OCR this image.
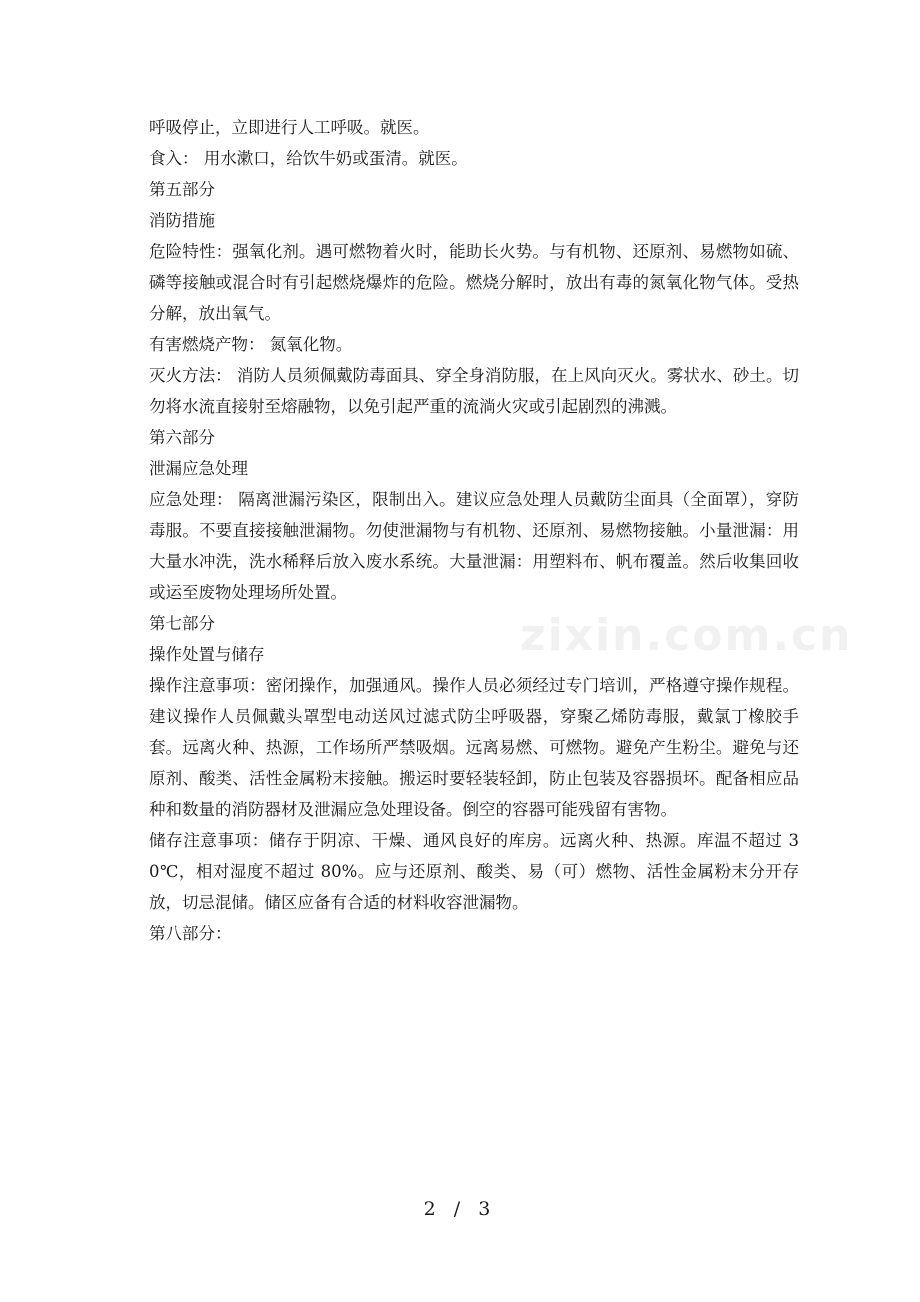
zixin.com.cn

呼吸停止，立即进行人工呼吸。就医。

食入： 用水漱口，给饮牛奶或蛋清。就医。

第五部分

消防措施

危险特性：强氧化剂。遇可燃物着火时，能助长火势。与有机物、还原剂、易燃物如硫、磷等接触或混合时有引起燃烧爆炸的危险。燃烧分解时，放出有毒的氮氧化物气体。受热分解，放出氧气。

有害燃烧产物： 氮氧化物。

灭火方法： 消防人员须佩戴防毒面具、穿全身消防服，在上风向灭火。雾状水、砂土。切勿将水流直接射至熔融物，以免引起严重的流淌火灾或引起剧烈的沸溅。

第六部分

泄漏应急处理

应急处理： 隔离泄漏污染区，限制出入。建议应急处理人员戴防尘面具（全面罩），穿防毒服。不要直接接触泄漏物。勿使泄漏物与有机物、还原剂、易燃物接触。小量泄漏：用大量水冲洗，洗水稀释后放入废水系统。大量泄漏：用塑料布、帆布覆盖。然后收集回收或运至废物处理场所处置。

第七部分

操作处置与储存

操作注意事项：密闭操作，加强通风。操作人员必须经过专门培训，严格遵守操作规程。建议操作人员佩戴头罩型电动送风过滤式防尘呼吸器，穿聚乙烯防毒服，戴氯丁橡胶手套。远离火种、热源，工作场所严禁吸烟。远离易燃、可燃物。避免产生粉尘。避免与还原剂、酸类、活性金属粉末接触。搬运时要轻装轻卸，防止包装及容器损坏。配备相应品种和数量的消防器材及泄漏应急处理设备。倒空的容器可能残留有害物。

储存注意事项：储存于阴凉、干燥、通风良好的库房。远离火种、热源。库温不超过 30℃，相对湿度不超过 80%。应与还原剂、酸类、易（可）燃物、活性金属粉末分开存放，切忌混储。储区应备有合适的材料收容泄漏物。

第八部分：

2 / 3
